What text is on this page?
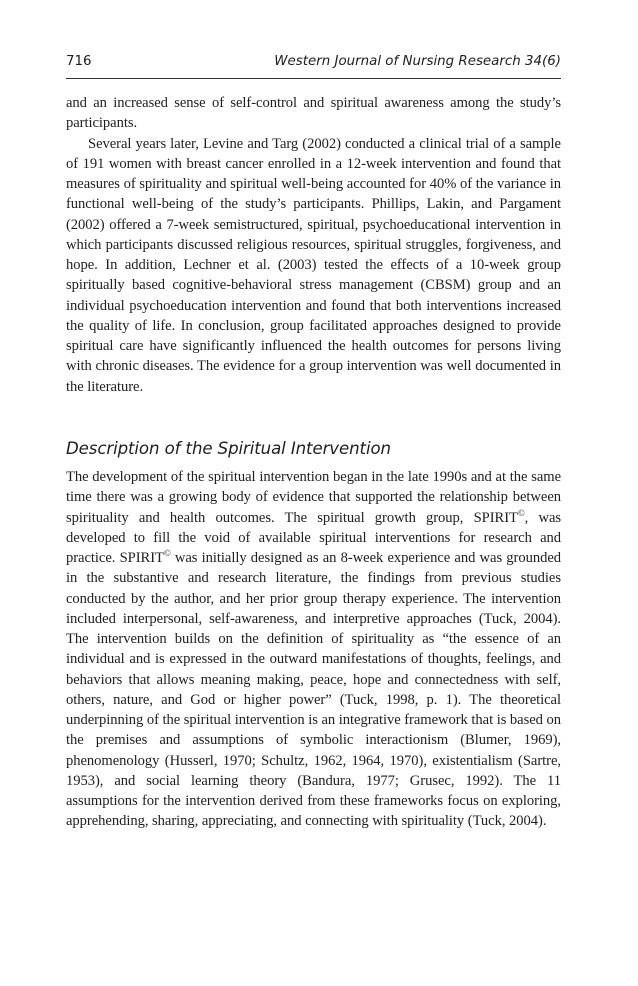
716	Western Journal of Nursing Research 34(6)

and an increased sense of self-control and spiritual awareness among the study’s participants.

Several years later, Levine and Targ (2002) conducted a clinical trial of a sample of 191 women with breast cancer enrolled in a 12-week intervention and found that measures of spirituality and spiritual well-being accounted for 40% of the variance in functional well-being of the study’s participants. Phillips, Lakin, and Pargament (2002) offered a 7-week semistructured, spiritual, psychoeducational intervention in which participants discussed religious resources, spiritual struggles, forgiveness, and hope. In addition, Lechner et al. (2003) tested the effects of a 10-week group spiritually based cognitive-behavioral stress management (CBSM) group and an individual psychoeducation intervention and found that both interventions increased the quality of life. In conclusion, group facilitated approaches designed to provide spiritual care have significantly influenced the health outcomes for persons living with chronic diseases. The evidence for a group intervention was well documented in the literature.

Description of the Spiritual Intervention

The development of the spiritual intervention began in the late 1990s and at the same time there was a growing body of evidence that supported the relationship between spirituality and health outcomes. The spiritual growth group, SPIRIT©, was developed to fill the void of available spiritual interventions for research and practice. SPIRIT© was initially designed as an 8-week experience and was grounded in the substantive and research literature, the findings from previous studies conducted by the author, and her prior group therapy experience. The intervention included interpersonal, self-awareness, and interpretive approaches (Tuck, 2004). The intervention builds on the definition of spirituality as “the essence of an individual and is expressed in the outward manifestations of thoughts, feelings, and behaviors that allows meaning making, peace, hope and connectedness with self, others, nature, and God or higher power” (Tuck, 1998, p. 1). The theoretical underpinning of the spiritual intervention is an integrative framework that is based on the premises and assumptions of symbolic interactionism (Blumer, 1969), phenomenology (Husserl, 1970; Schultz, 1962, 1964, 1970), existentialism (Sartre, 1953), and social learning theory (Bandura, 1977; Grusec, 1992). The 11 assumptions for the intervention derived from these frameworks focus on exploring, apprehending, sharing, appreciating, and connecting with spirituality (Tuck, 2004).
